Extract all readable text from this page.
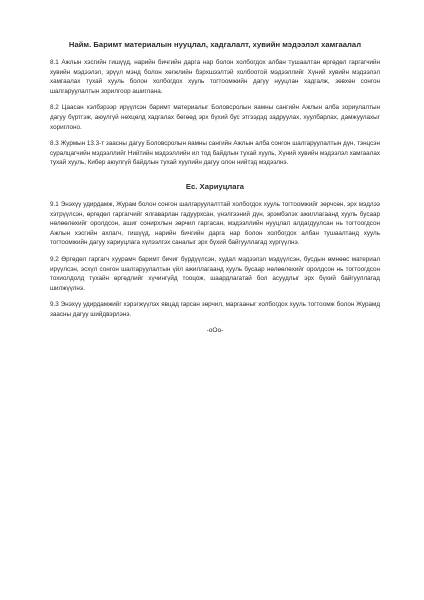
Найм. Баримт материалын нууцлал, хадгалалт, хувийн мэдээлэл хамгаалал

8.1 Ажлын хэсгийн гишүүд, нарийн бичгийн дарга нар болон холбогдох албан тушаалтан өргөдөл гаргагчийн хувийн мэдээлэл, эрүүл мэнд болон хөгжлийн бэрхшээлтэй холбоотой мэдээллийг Хүний хувийн мэдээлэл хамгаалах тухай хууль болон холбогдох хууль тогтоомжийн дагуу нууцлан хадгалж, зөвхөн сонгон шалгаруулалтын зорилгоор ашиглана.

8.2 Цаасан хэлбэрээр ирүүлсэн баримт материалыг Боловсролын яамны сангийн Ажлын алба зориулалтын дагуу бүртгэж, аюулгүй нөхцөлд хадгалах бөгөөд эрх бүхий бус этгээдэд задруулах, хуулбарлах, дамжуулахыг хориглоно.

8.3 Журмын 13.3-т заасны дагуу Боловсролын яамны сангийн Ажлын алба сонгон шалгаруулалтын дүн, тэнцсэн суралцагчийн мэдээллийг Нийтийн мэдээллийн ил тод байдлын тухай хууль, Хүний хувийн мэдээлэл хамгаалах тухай хууль, Кибер аюулгүй байдлын тухай хуулийн дагуу олон нийтэд мэдээлнэ.

Ес. Хариуцлага

9.1 Энэхүү удирдамж, Журам болон сонгон шалгаруулалттай холбогдох хууль тогтоомжийг зөрчсөн, эрх мэдлээ хэтрүүлсэн, өргөдөл гаргагчийг ялгаварлан гадуурхсан, үнэлгээний дүн, эрэмбэлэх ажиллагаанд хууль бусаар нөлөөлөхийг оролдсон, ашиг сонирхлын зөрчил гаргасан, мэдээллийн нууцлал алдагдуулсан нь тогтоогдсон Ажлын хэсгийн ахлагч, гишүүд, нарийн бичгийн дарга нар болон холбогдох албан тушаалтанд хууль тогтоомжийн дагуу хариуцлага хүлээлгэх саналыг эрх бүхий байгууллагад хүргүүлнэ.

9.2 Өргөдөл гаргагч хуурамч баримт бичиг бүрдүүлсэн, худал мэдээлэл мэдүүлсэн, бусдын өмнөөс материал ирүүлсэн, эсхүл сонгон шалгаруулалтын үйл ажиллагаанд хууль бусаар нөлөөлөхийг оролдсон нь тогтоогдсон тохиолдолд тухайн өргөдлийг хүчингүйд тооцож, шаардлагатай бол асуудлыг эрх бүхий байгууллагад шилжүүлнэ.

9.3 Энэхүү удирдамжийг хэрэгжүүлэх явцад гарсан зөрчил, маргааныг холбогдох хууль тогтоомж болон Журамд заасны дагуу шийдвэрлэнэ.

-oOo-
